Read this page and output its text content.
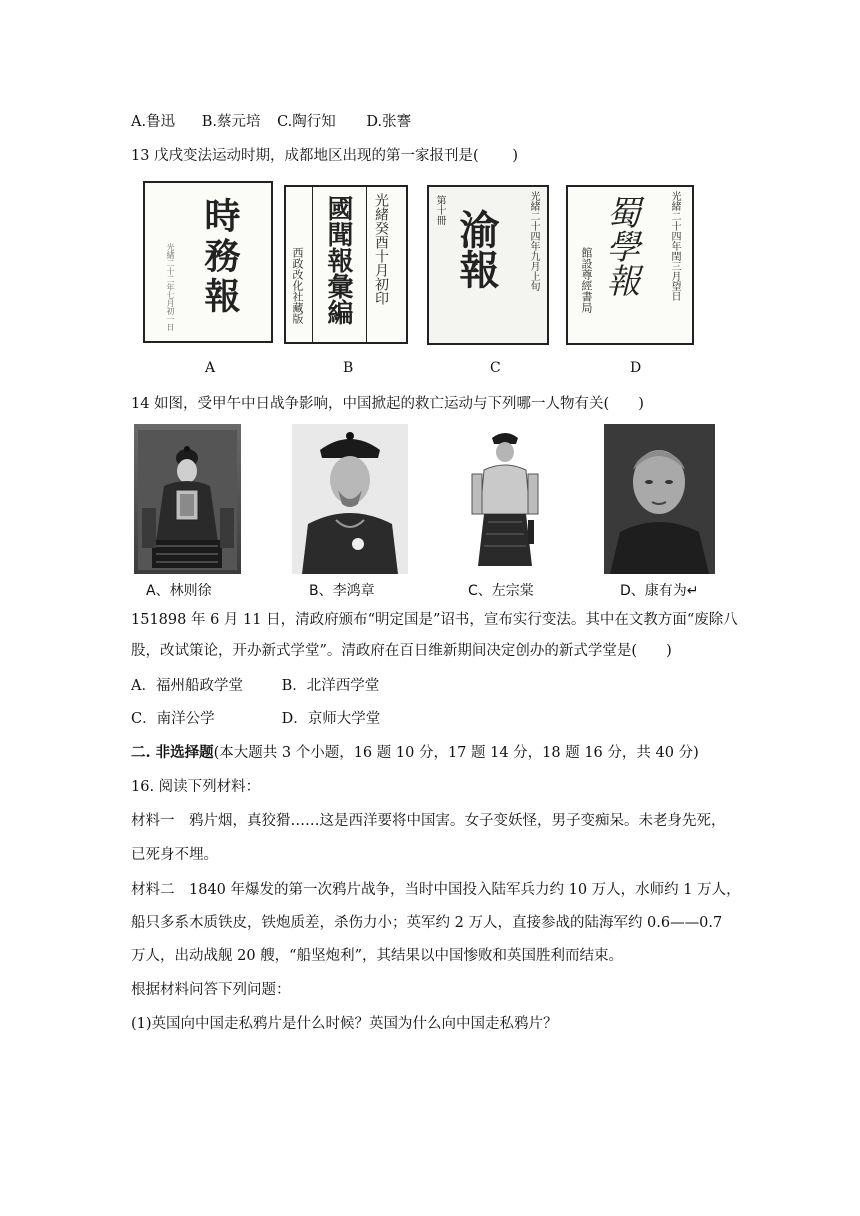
A.鲁迅 B.蔡元培 C.陶行知 D.张謇
13 戊戌变法运动时期，成都地区出现的第一家报刊是(　　 )
時務報
光緒二十二年七月初一日
A
國聞報彙編 光緒癸酉十月初印
西政改化社藏版
B
渝報	光緒二十四年九月上旬
第十冊
C
蜀學報	光緒二十四年閏三月望日
館設尊經書局
D
14 如图，受甲午中日战争影响，中国掀起的救亡运动与下列哪一人物有关(　　)
A、林则徐	B、李鸿章	C、左宗棠	D、康有为↵
151898 年 6 月 11 日，清政府颁布“明定国是”诏书，宣布实行变法。其中在文教方面“废除八
股，改试策论，开办新式学堂”。清政府在百日维新期间决定创办的新式学堂是(　　)
A．福州船政学堂	B．北洋西学堂
C．南洋公学	D．京师大学堂
二. 非选择题(本大题共 3 个小题，16 题 10 分，17 题 14 分，18 题 16 分，共 40 分)
16. 阅读下列材料：
材料一　鸦片烟，真狡猾……这是西洋要将中国害。女子变妖怪，男子变痴呆。未老身先死，
已死身不埋。
材料二　1840 年爆发的第一次鸦片战争，当时中国投入陆军兵力约 10 万人，水师约 1 万人，
船只多系木质铁皮，铁炮质差，杀伤力小；英军约 2 万人，直接参战的陆海军约 0.6——0.7
万人，出动战舰 20 艘，“船坚炮利”，其结果以中国惨败和英国胜利而结束。
根据材料问答下列问题：
(1)英国向中国走私鸦片是什么时候？英国为什么向中国走私鸦片？
